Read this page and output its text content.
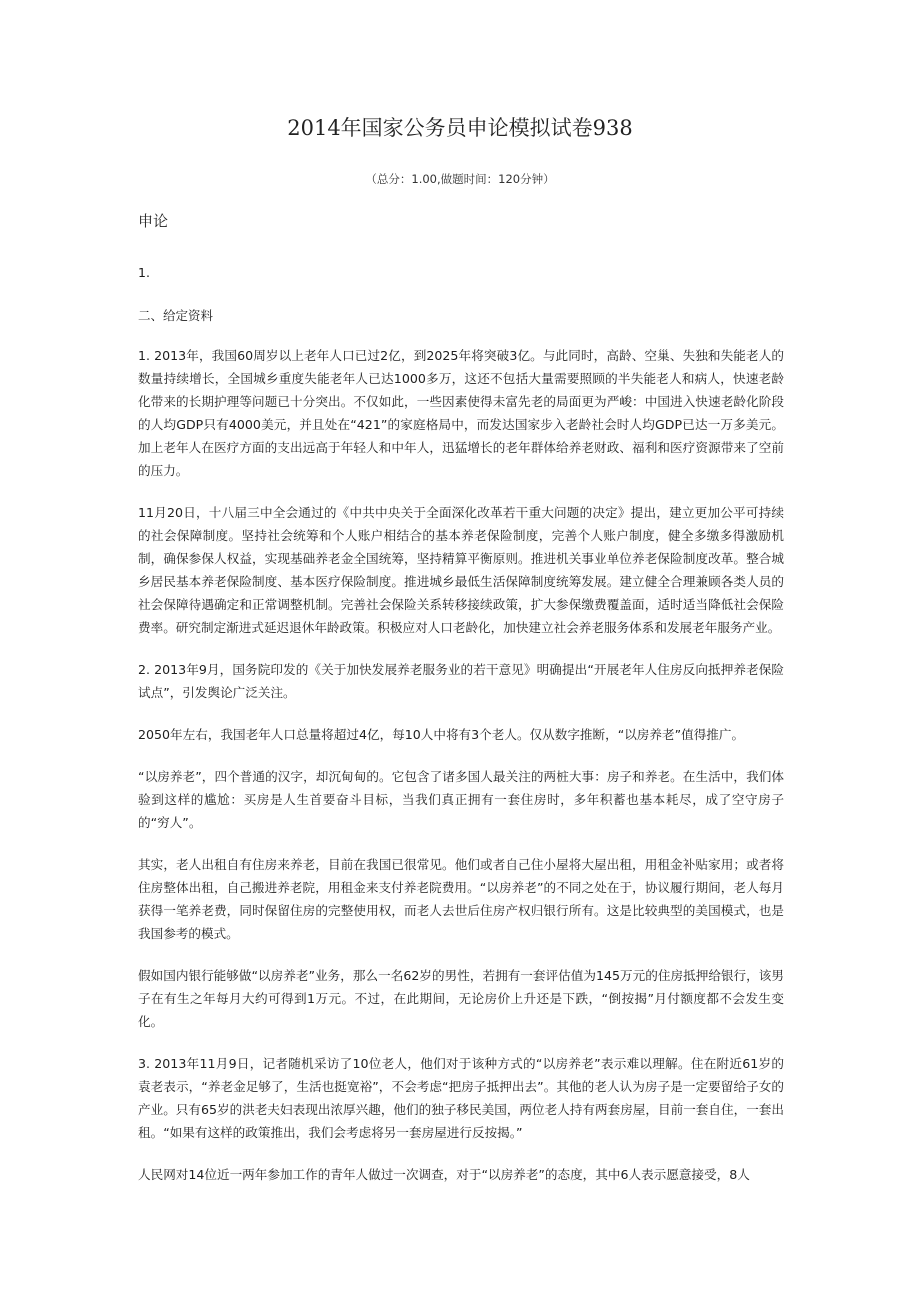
2014年国家公务员申论模拟试卷938
（总分：1.00,做题时间：120分钟）
申论
1.
二、给定资料

1. 2013年，我国60周岁以上老年人口已过2亿，到2025年将突破3亿。与此同时，高龄、空巢、失独和失能老人的数量持续增长，全国城乡重度失能老年人已达1000多万，这还不包括大量需要照顾的半失能老人和病人，快速老龄化带来的长期护理等问题已十分突出。不仅如此，一些因素使得未富先老的局面更为严峻：中国进入快速老龄化阶段的人均GDP只有4000美元，并且处在“421”的家庭格局中，而发达国家步入老龄社会时人均GDP已达一万多美元。加上老年人在医疗方面的支出远高于年轻人和中年人，迅猛增长的老年群体给养老财政、福利和医疗资源带来了空前的压力。

11月20日，十八届三中全会通过的《中共中央关于全面深化改革若干重大问题的决定》提出，建立更加公平可持续的社会保障制度。坚持社会统筹和个人账户相结合的基本养老保险制度，完善个人账户制度，健全多缴多得激励机制，确保参保人权益，实现基础养老金全国统筹，坚持精算平衡原则。推进机关事业单位养老保险制度改革。整合城乡居民基本养老保险制度、基本医疗保险制度。推进城乡最低生活保障制度统筹发展。建立健全合理兼顾各类人员的社会保障待遇确定和正常调整机制。完善社会保险关系转移接续政策，扩大参保缴费覆盖面，适时适当降低社会保险费率。研究制定渐进式延迟退休年龄政策。积极应对人口老龄化，加快建立社会养老服务体系和发展老年服务产业。

2. 2013年9月，国务院印发的《关于加快发展养老服务业的若干意见》明确提出“开展老年人住房反向抵押养老保险试点”，引发舆论广泛关注。

2050年左右，我国老年人口总量将超过4亿，每10人中将有3个老人。仅从数字推断，“以房养老”值得推广。

“以房养老”，四个普通的汉字，却沉甸甸的。它包含了诸多国人最关注的两桩大事：房子和养老。在生活中，我们体验到这样的尴尬：买房是人生首要奋斗目标，当我们真正拥有一套住房时，多年积蓄也基本耗尽，成了空守房子的“穷人”。

其实，老人出租自有住房来养老，目前在我国已很常见。他们或者自己住小屋将大屋出租，用租金补贴家用；或者将住房整体出租，自己搬进养老院，用租金来支付养老院费用。“以房养老”的不同之处在于，协议履行期间，老人每月获得一笔养老费，同时保留住房的完整使用权，而老人去世后住房产权归银行所有。这是比较典型的美国模式，也是我国参考的模式。

假如国内银行能够做“以房养老”业务，那么一名62岁的男性，若拥有一套评估值为145万元的住房抵押给银行，该男子在有生之年每月大约可得到1万元。不过，在此期间，无论房价上升还是下跌，“倒按揭”月付额度都不会发生变化。

3. 2013年11月9日，记者随机采访了10位老人，他们对于该种方式的“以房养老”表示难以理解。住在附近61岁的袁老表示，“养老金足够了，生活也挺宽裕”，不会考虑“把房子抵押出去”。其他的老人认为房子是一定要留给子女的产业。只有65岁的洪老夫妇表现出浓厚兴趣，他们的独子移民美国，两位老人持有两套房屋，目前一套自住，一套出租。“如果有这样的政策推出，我们会考虑将另一套房屋进行反按揭。”

人民网对14位近一两年参加工作的青年人做过一次调查，对于“以房养老”的态度，其中6人表示愿意接受，8人
